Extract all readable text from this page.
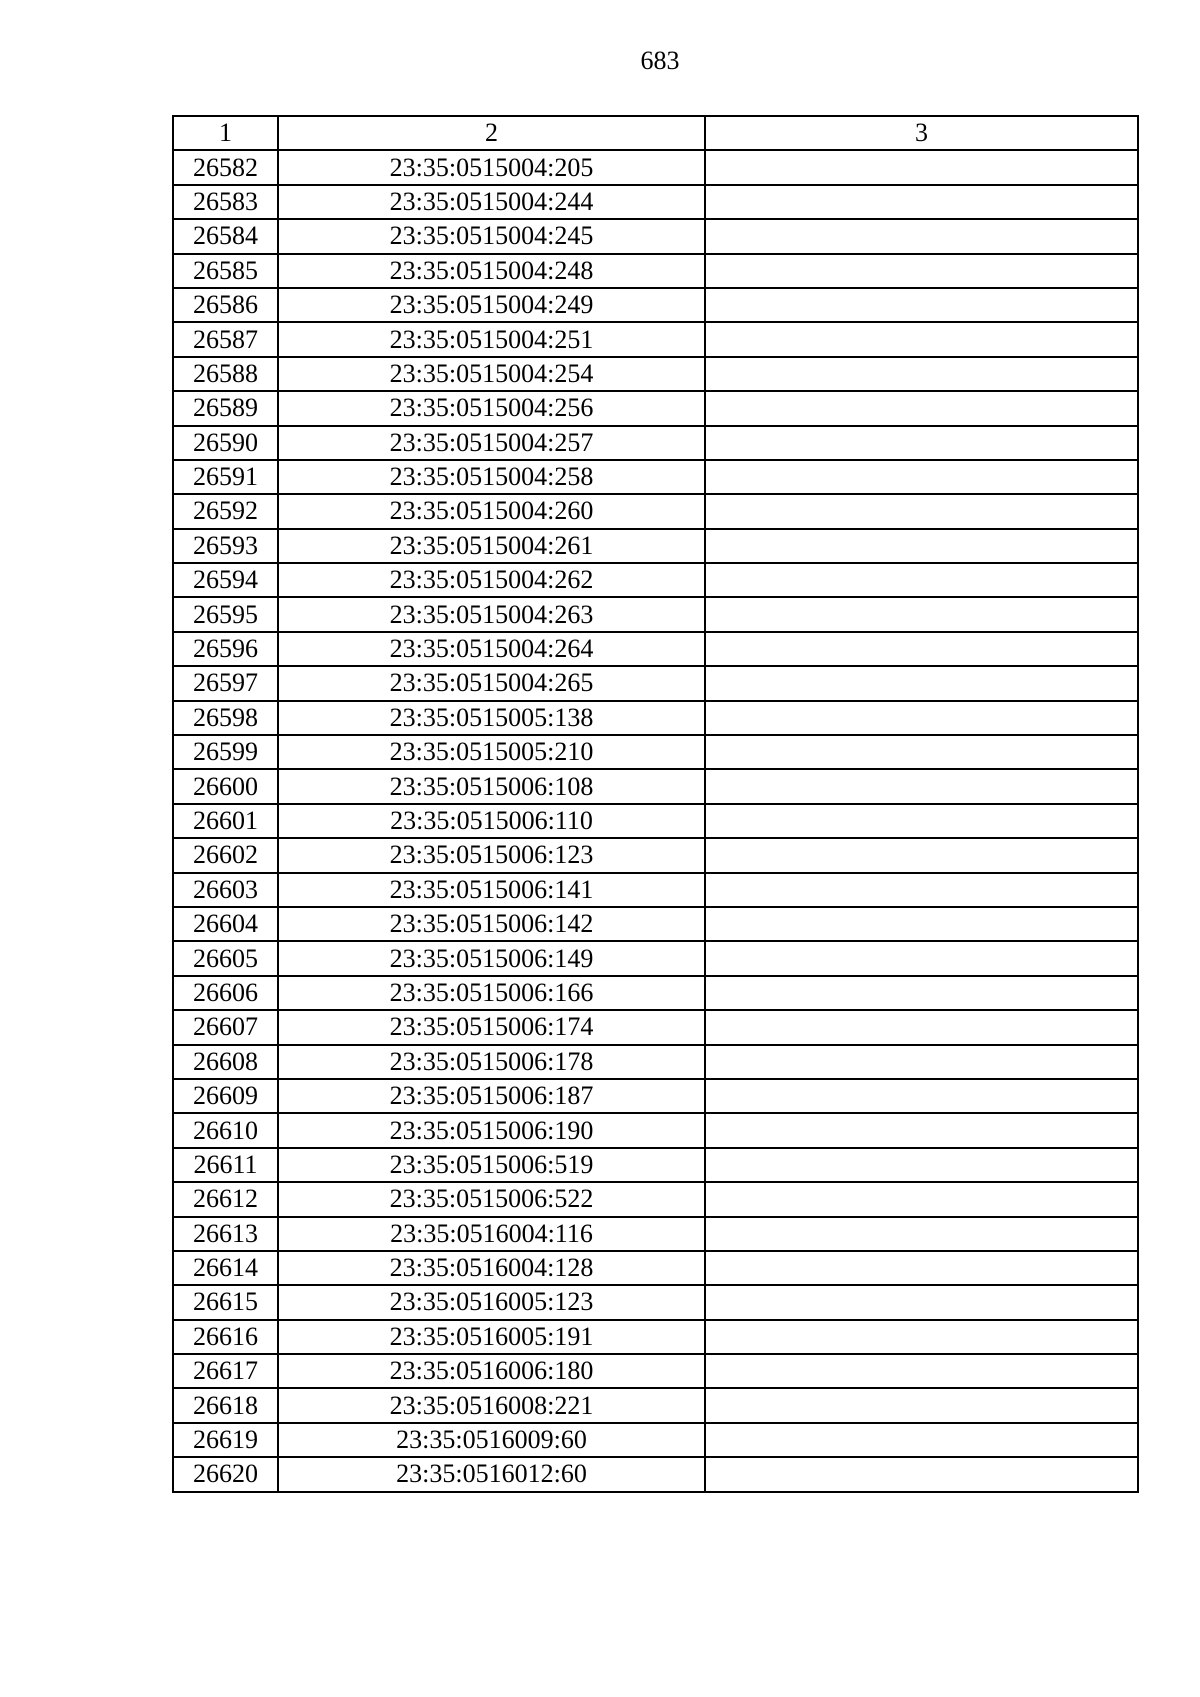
683
1	2	3
26582	23:35:0515004:205	
26583	23:35:0515004:244	
26584	23:35:0515004:245	
26585	23:35:0515004:248	
26586	23:35:0515004:249	
26587	23:35:0515004:251	
26588	23:35:0515004:254	
26589	23:35:0515004:256	
26590	23:35:0515004:257	
26591	23:35:0515004:258	
26592	23:35:0515004:260	
26593	23:35:0515004:261	
26594	23:35:0515004:262	
26595	23:35:0515004:263	
26596	23:35:0515004:264	
26597	23:35:0515004:265	
26598	23:35:0515005:138	
26599	23:35:0515005:210	
26600	23:35:0515006:108	
26601	23:35:0515006:110	
26602	23:35:0515006:123	
26603	23:35:0515006:141	
26604	23:35:0515006:142	
26605	23:35:0515006:149	
26606	23:35:0515006:166	
26607	23:35:0515006:174	
26608	23:35:0515006:178	
26609	23:35:0515006:187	
26610	23:35:0515006:190	
26611	23:35:0515006:519	
26612	23:35:0515006:522	
26613	23:35:0516004:116	
26614	23:35:0516004:128	
26615	23:35:0516005:123	
26616	23:35:0516005:191	
26617	23:35:0516006:180	
26618	23:35:0516008:221	
26619	23:35:0516009:60	
26620	23:35:0516012:60	
